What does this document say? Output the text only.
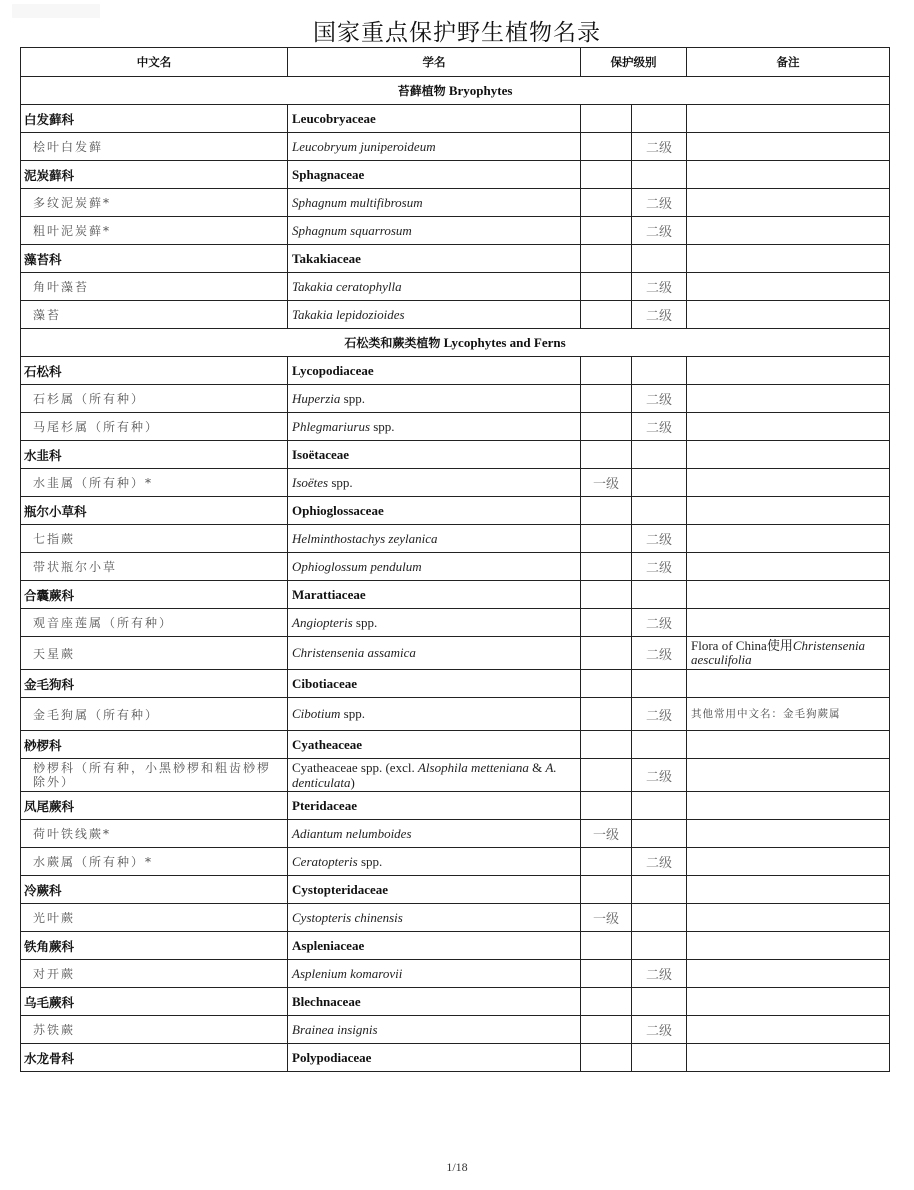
国家重点保护野生植物名录
中文名	学名	保护级别		备注
苔藓植物 Bryophytes				
白发藓科	Leucobryaceae			
桧叶白发藓	Leucobryum juniperoideum		二级	
泥炭藓科	Sphagnaceae			
多纹泥炭藓*	Sphagnum multifibrosum		二级	
粗叶泥炭藓*	Sphagnum squarrosum		二级	
藻苔科	Takakiaceae			
角叶藻苔	Takakia ceratophylla		二级	
藻苔	Takakia lepidozioides		二级	
石松类和蕨类植物 Lycophytes and Ferns				
石松科	Lycopodiaceae			
石杉属（所有种）	Huperzia spp.		二级	
马尾杉属（所有种）	Phlegmariurus spp.		二级	
水韭科	Isoëtaceae			
水韭属（所有种）*	Isoëtes spp.	一级		
瓶尔小草科	Ophioglossaceae			
七指蕨	Helminthostachys zeylanica		二级	
带状瓶尔小草	Ophioglossum pendulum		二级	
合囊蕨科	Marattiaceae			
观音座莲属（所有种）	Angiopteris spp.		二级	
天星蕨	Christensenia assamica		二级	Flora of China使用Christensenia aesculifolia
金毛狗科	Cibotiaceae			
金毛狗属（所有种）	Cibotium spp.		二级	其他常用中文名：金毛狗蕨属
桫椤科	Cyatheaceae			
桫椤科（所有种，小黑桫椤和粗齿桫椤除外）	Cyatheaceae spp. (excl. Alsophila metteniana & A. denticulata)		二级	
凤尾蕨科	Pteridaceae			
荷叶铁线蕨*	Adiantum nelumboides	一级		
水蕨属（所有种）*	Ceratopteris spp.		二级	
冷蕨科	Cystopteridaceae			
光叶蕨	Cystopteris chinensis	一级		
铁角蕨科	Aspleniaceae			
对开蕨	Asplenium komarovii		二级	
乌毛蕨科	Blechnaceae			
苏铁蕨	Brainea insignis		二级	
水龙骨科	Polypodiaceae			
1/18
